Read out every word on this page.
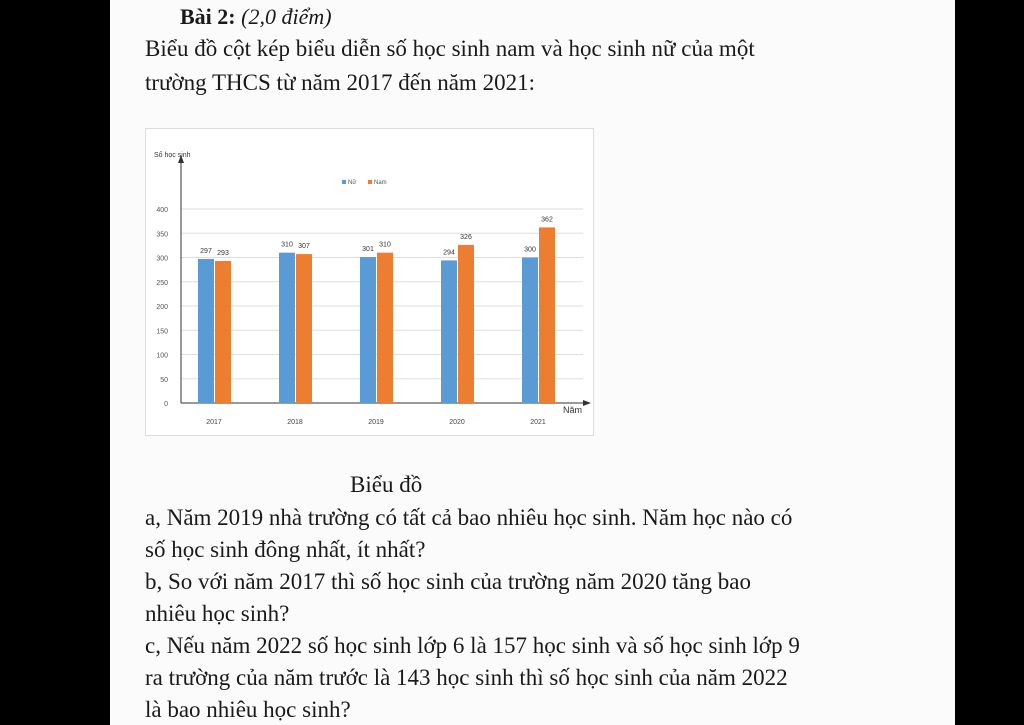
Bài 2: (2,0 điểm)
Biểu đồ cột kép biểu diễn số học sinh nam và học sinh nữ của một
trường THCS từ năm 2017 đến năm 2021:
0
50
100
150
200
250
300
350
400
Số học sinh
Năm
Nữ	Nam
297 293
2017
310 307
2018
301
310
2019
294
326
2020
300
362
2021
Biểu đồ
a, Năm 2019 nhà trường có tất cả bao nhiêu học sinh. Năm học nào có
số học sinh đông nhất, ít nhất?
b, So với năm 2017 thì số học sinh của trường năm 2020 tăng bao
nhiêu học sinh?
c, Nếu năm 2022 số học sinh lớp 6 là 157 học sinh và số học sinh lớp 9
ra trường của năm trước là 143 học sinh thì số học sinh của năm 2022
là bao nhiêu học sinh?
